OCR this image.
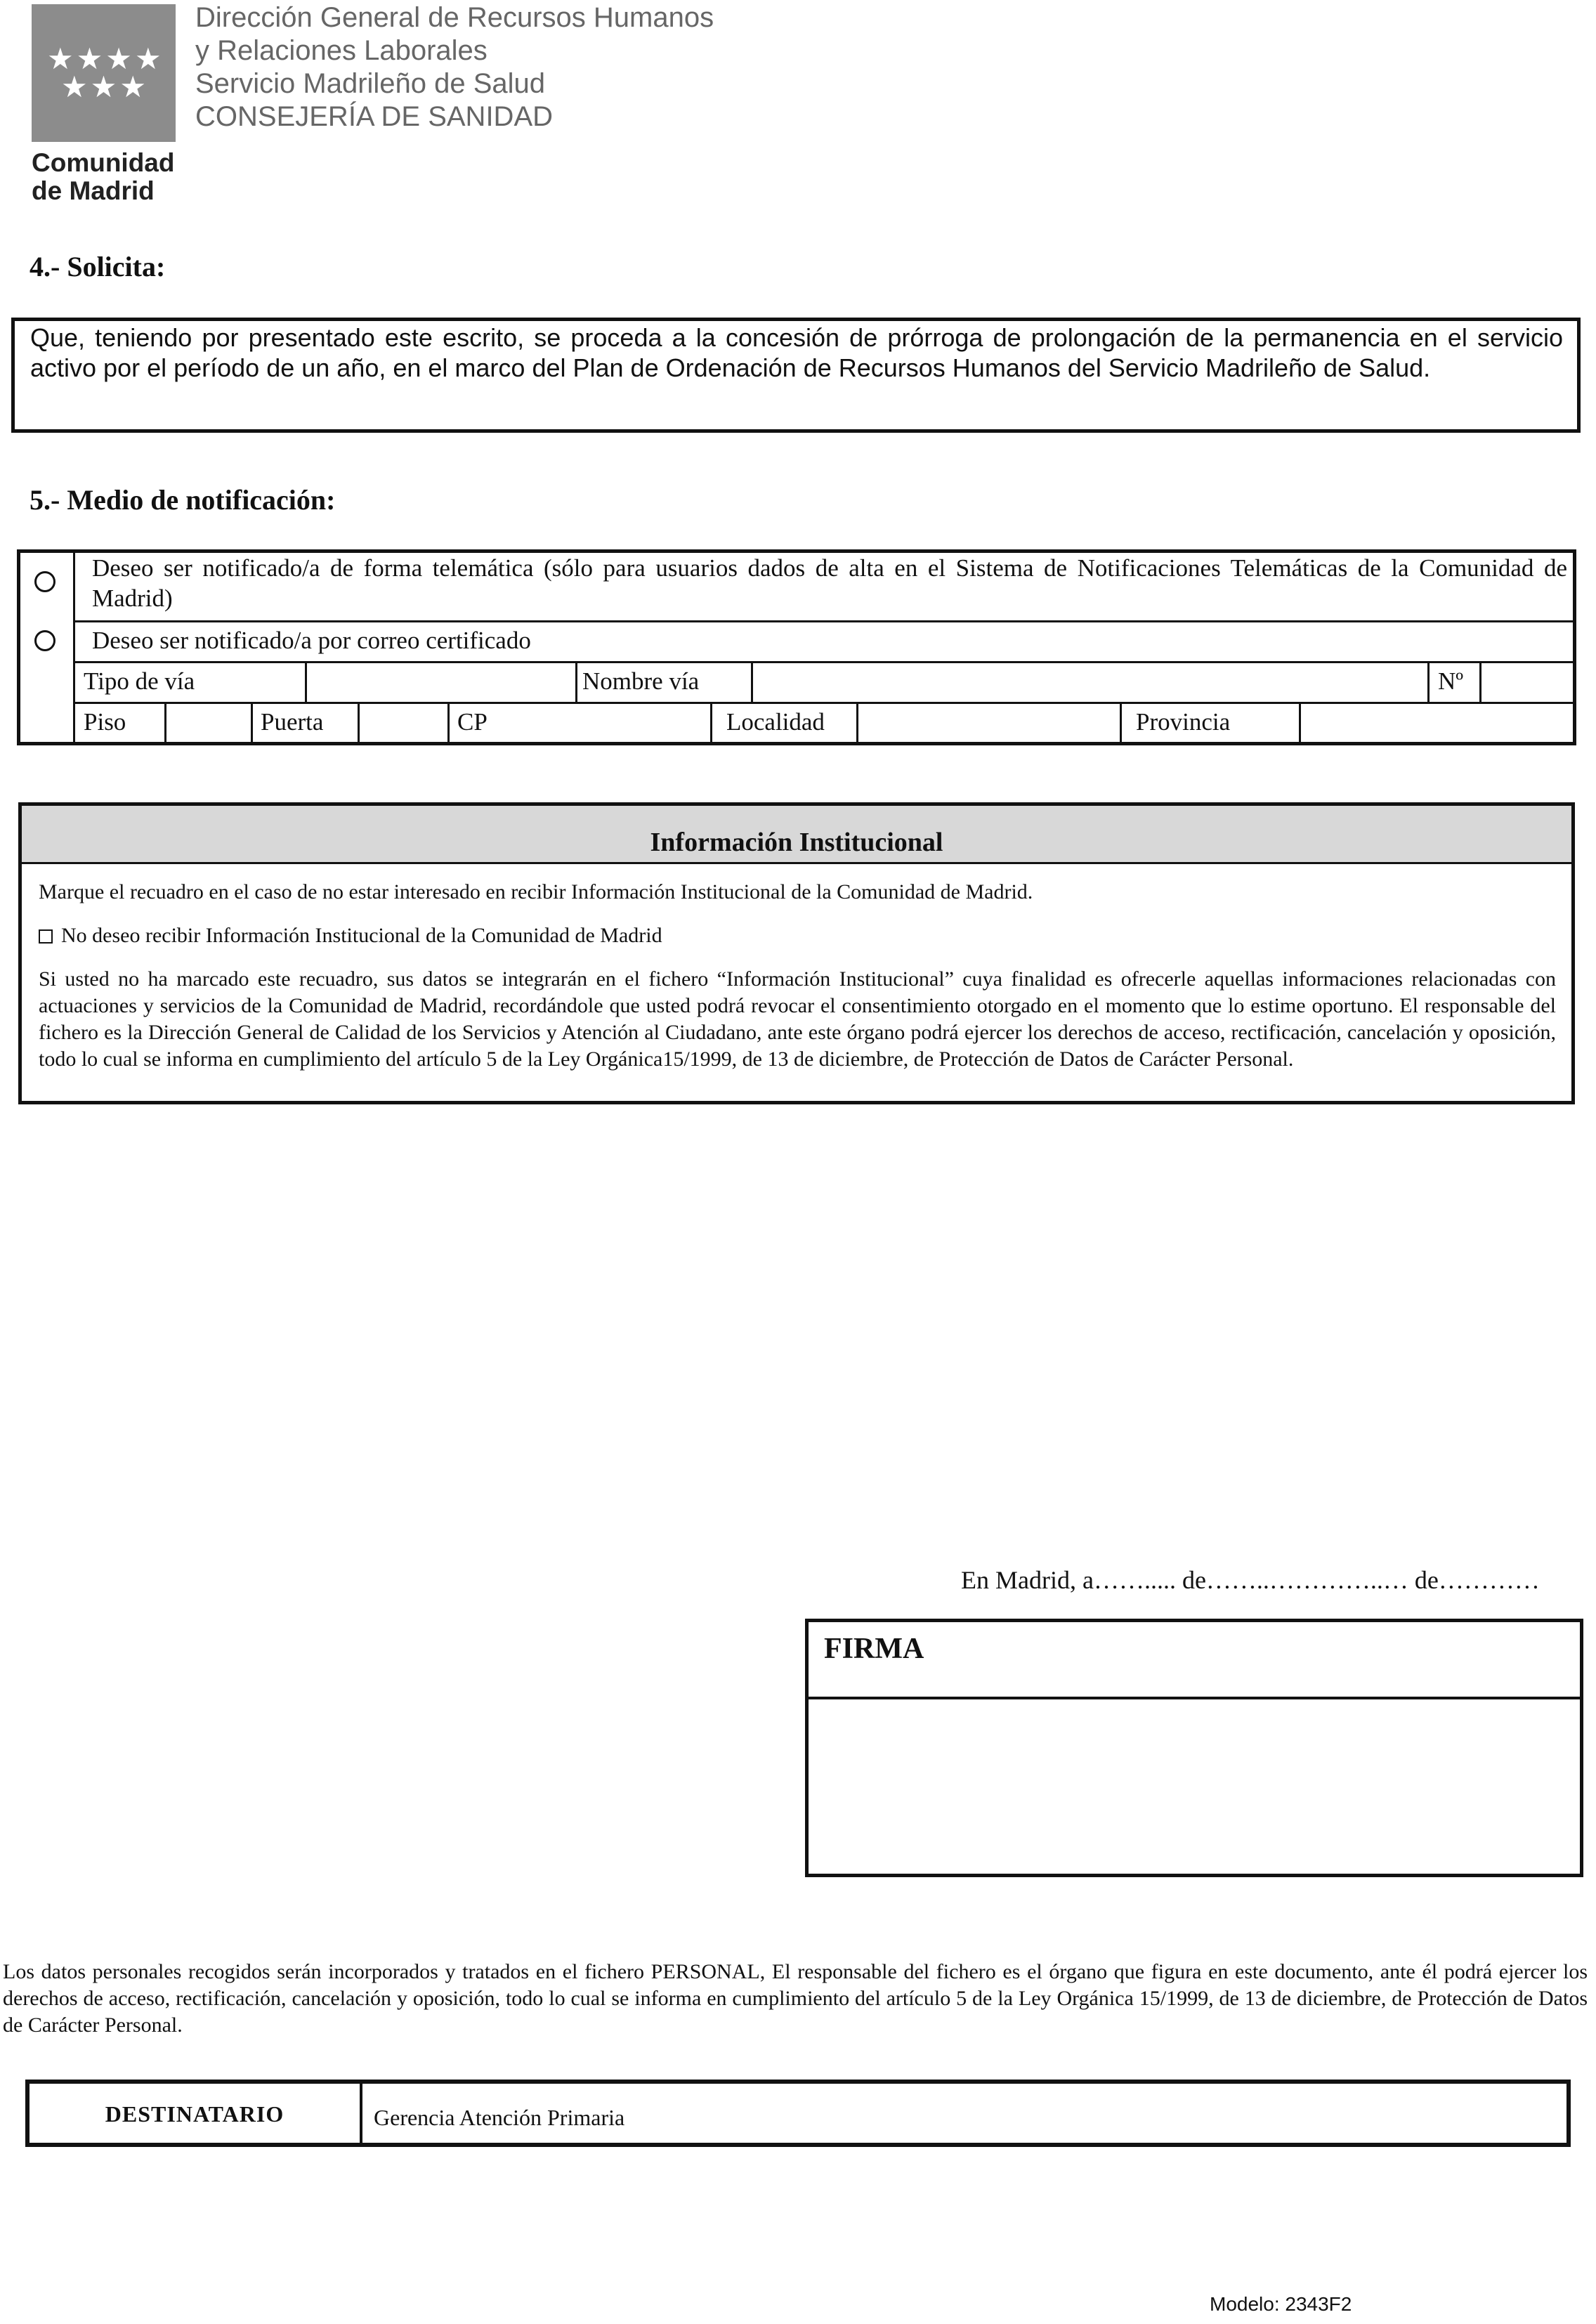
★★★★ ★★★
Comunidad
de Madrid
Dirección General de Recursos Humanos
y Relaciones Laborales
Servicio Madrileño de Salud
CONSEJERÍA DE SANIDAD
4.- Solicita:
Que, teniendo por presentado este escrito, se proceda a la concesión de prórroga de prolongación de la permanencia en el servicio activo por el período de un año, en el marco del Plan de Ordenación de Recursos Humanos del Servicio Madrileño de Salud.
5.- Medio de notificación:
Deseo ser notificado/a de forma telemática (sólo para usuarios dados de alta en el Sistema de Notificaciones Telemáticas de la Comunidad de Madrid)
Deseo ser notificado/a por correo certificado
Tipo de vía	Nombre vía	Nº
Piso	Puerta	CP	Localidad	Provincia
Información Institucional
Marque el recuadro en el caso de no estar interesado en recibir Información Institucional de la Comunidad de Madrid.
No deseo recibir Información Institucional de la Comunidad de Madrid
Si usted no ha marcado este recuadro, sus datos se integrarán en el fichero “Información Institucional” cuya finalidad es ofrecerle aquellas informaciones relacionadas con actuaciones y servicios de la Comunidad de Madrid, recordándole que usted podrá revocar el consentimiento otorgado en el momento que lo estime oportuno. El responsable del fichero es la Dirección General de Calidad de los Servicios y Atención al Ciudadano, ante este órgano podrá ejercer los derechos de acceso, rectificación, cancelación y oposición, todo lo cual se informa en cumplimiento del artículo 5 de la Ley Orgánica15/1999, de 13 de diciembre, de Protección de Datos de Carácter Personal.
En Madrid, a……..... de……..…………..… de…………
FIRMA
Los datos personales recogidos serán incorporados y tratados en el fichero PERSONAL, El responsable del fichero es el órgano que figura en este documento, ante él podrá ejercer los derechos de acceso, rectificación, cancelación y oposición, todo lo cual se informa en cumplimiento del artículo 5 de la Ley Orgánica 15/1999, de 13 de diciembre, de Protección de Datos de Carácter Personal.
DESTINATARIO	Gerencia Atención Primaria
Modelo: 2343F2
